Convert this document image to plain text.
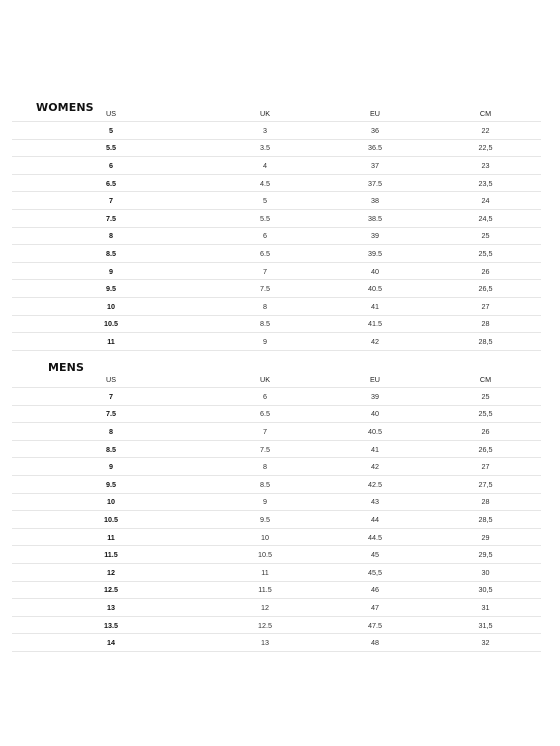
WOMENS US	UK	EU	CM
5	3	36	22
5.5	3.5	36.5	22,5
6	4	37	23
6.5	4.5	37.5	23,5
7	5	38	24
7.5	5.5	38.5	24,5
8	6	39	25
8.5	6.5	39.5	25,5
9	7	40	26
9.5	7.5	40.5	26,5
10	8	41	27
10.5	8.5	41.5	28
11	9	42	28,5
MENS
US	UK	EU	CM
7	6	39	25
7.5	6.5	40	25,5
8	7	40.5	26
8.5	7.5	41	26,5
9	8	42	27
9.5	8.5	42.5	27,5
10	9	43	28
10.5	9.5	44	28,5
11	10	44.5	29
11.5	10.5	45	29,5
12	11	45,5	30
12.5	11.5	46	30,5
13	12	47	31
13.5	12.5	47.5	31,5
14	13	48	32
